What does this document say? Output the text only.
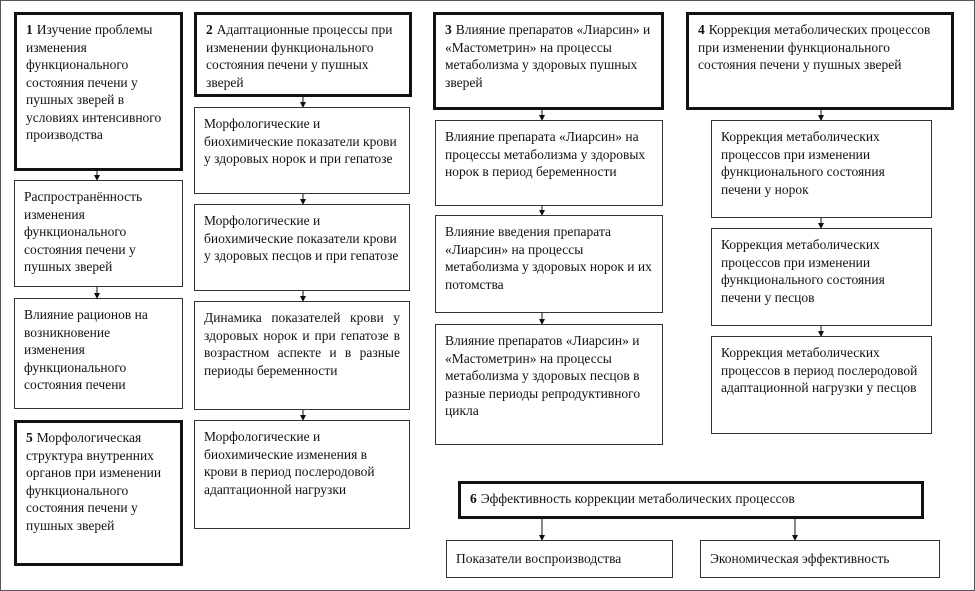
1 Изучение проблемы изменения функционального состояния печени у пушных зверей в условиях интенсивного производства
Распространённость изменения функционального состояния печени у пушных зверей
Влияние рационов на возникновение изменения функционального состояния печени
5 Морфологическая структура внутренних органов при изменении функционального состояния печени у пушных зверей
2 Адаптационные процессы при изменении функционального состояния печени у пушных зверей
Морфологические и биохимические показатели крови у здоровых норок и при гепатозе
Морфологические и биохимические показатели крови у здоровых песцов и при гепатозе
Динамика показателей крови у здоровых норок и при гепатозе в возрастном аспекте и в разные периоды беременности
Морфологические и биохимические изменения в крови в период послеродовой адаптационной нагрузки
3 Влияние препаратов «Лиарсин» и «Мастометрин» на процессы метаболизма у здоровых пушных зверей
Влияние препарата «Лиарсин» на процессы метаболизма у здоровых норок в период беременности
Влияние введения препарата «Лиарсин» на процессы метаболизма у здоровых норок и их потомства
Влияние препаратов «Лиарсин» и «Мастометрин» на процессы метаболизма у здоровых песцов в разные периоды репродуктивного цикла
4 Коррекция метаболических процессов при изменении функционального состояния печени у пушных зверей
Коррекция метаболических процессов при изменении функционального состояния печени у норок
Коррекция метаболических процессов при изменении функционального состояния печени у песцов
Коррекция метаболических процессов в период послеродовой адаптационной нагрузки у песцов
6 Эффективность коррекции метаболических процессов
Показатели воспроизводства	Экономическая эффективность
